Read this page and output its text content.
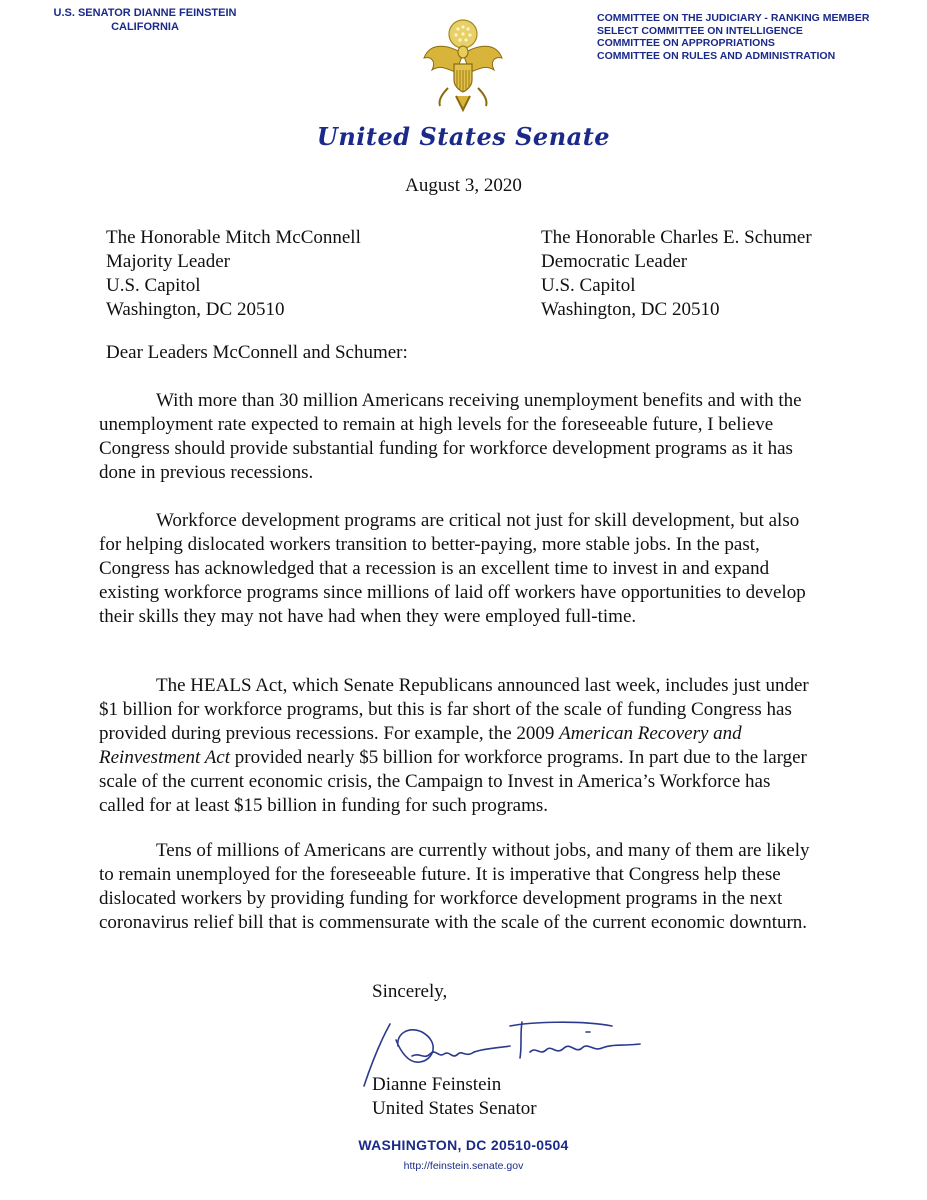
U.S. SENATOR DIANNE FEINSTEIN
CALIFORNIA
COMMITTEE ON THE JUDICIARY - RANKING MEMBER
SELECT COMMITTEE ON INTELLIGENCE
COMMITTEE ON APPROPRIATIONS
COMMITTEE ON RULES AND ADMINISTRATION
United States Senate
August 3, 2020
The Honorable Mitch McConnell
Majority Leader
U.S. Capitol
Washington, DC 20510
The Honorable Charles E. Schumer
Democratic Leader
U.S. Capitol
Washington, DC 20510
Dear Leaders McConnell and Schumer:

With more than 30 million Americans receiving unemployment benefits and with the unemployment rate expected to remain at high levels for the foreseeable future, I believe Congress should provide substantial funding for workforce development programs as it has done in previous recessions.

Workforce development programs are critical not just for skill development, but also for helping dislocated workers transition to better-paying, more stable jobs. In the past, Congress has acknowledged that a recession is an excellent time to invest in and expand existing workforce programs since millions of laid off workers have opportunities to develop their skills they may not have had when they were employed full-time.

The HEALS Act, which Senate Republicans announced last week, includes just under $1 billion for workforce programs, but this is far short of the scale of funding Congress has provided during previous recessions. For example, the 2009 American Recovery and Reinvestment Act provided nearly $5 billion for workforce programs. In part due to the larger scale of the current economic crisis, the Campaign to Invest in America’s Workforce has called for at least $15 billion in funding for such programs.

Tens of millions of Americans are currently without jobs, and many of them are likely to remain unemployed for the foreseeable future. It is imperative that Congress help these dislocated workers by providing funding for workforce development programs in the next coronavirus relief bill that is commensurate with the scale of the current economic downturn.

Sincerely,
Dianne Feinstein
United States Senator
WASHINGTON, DC 20510-0504
http://feinstein.senate.gov
